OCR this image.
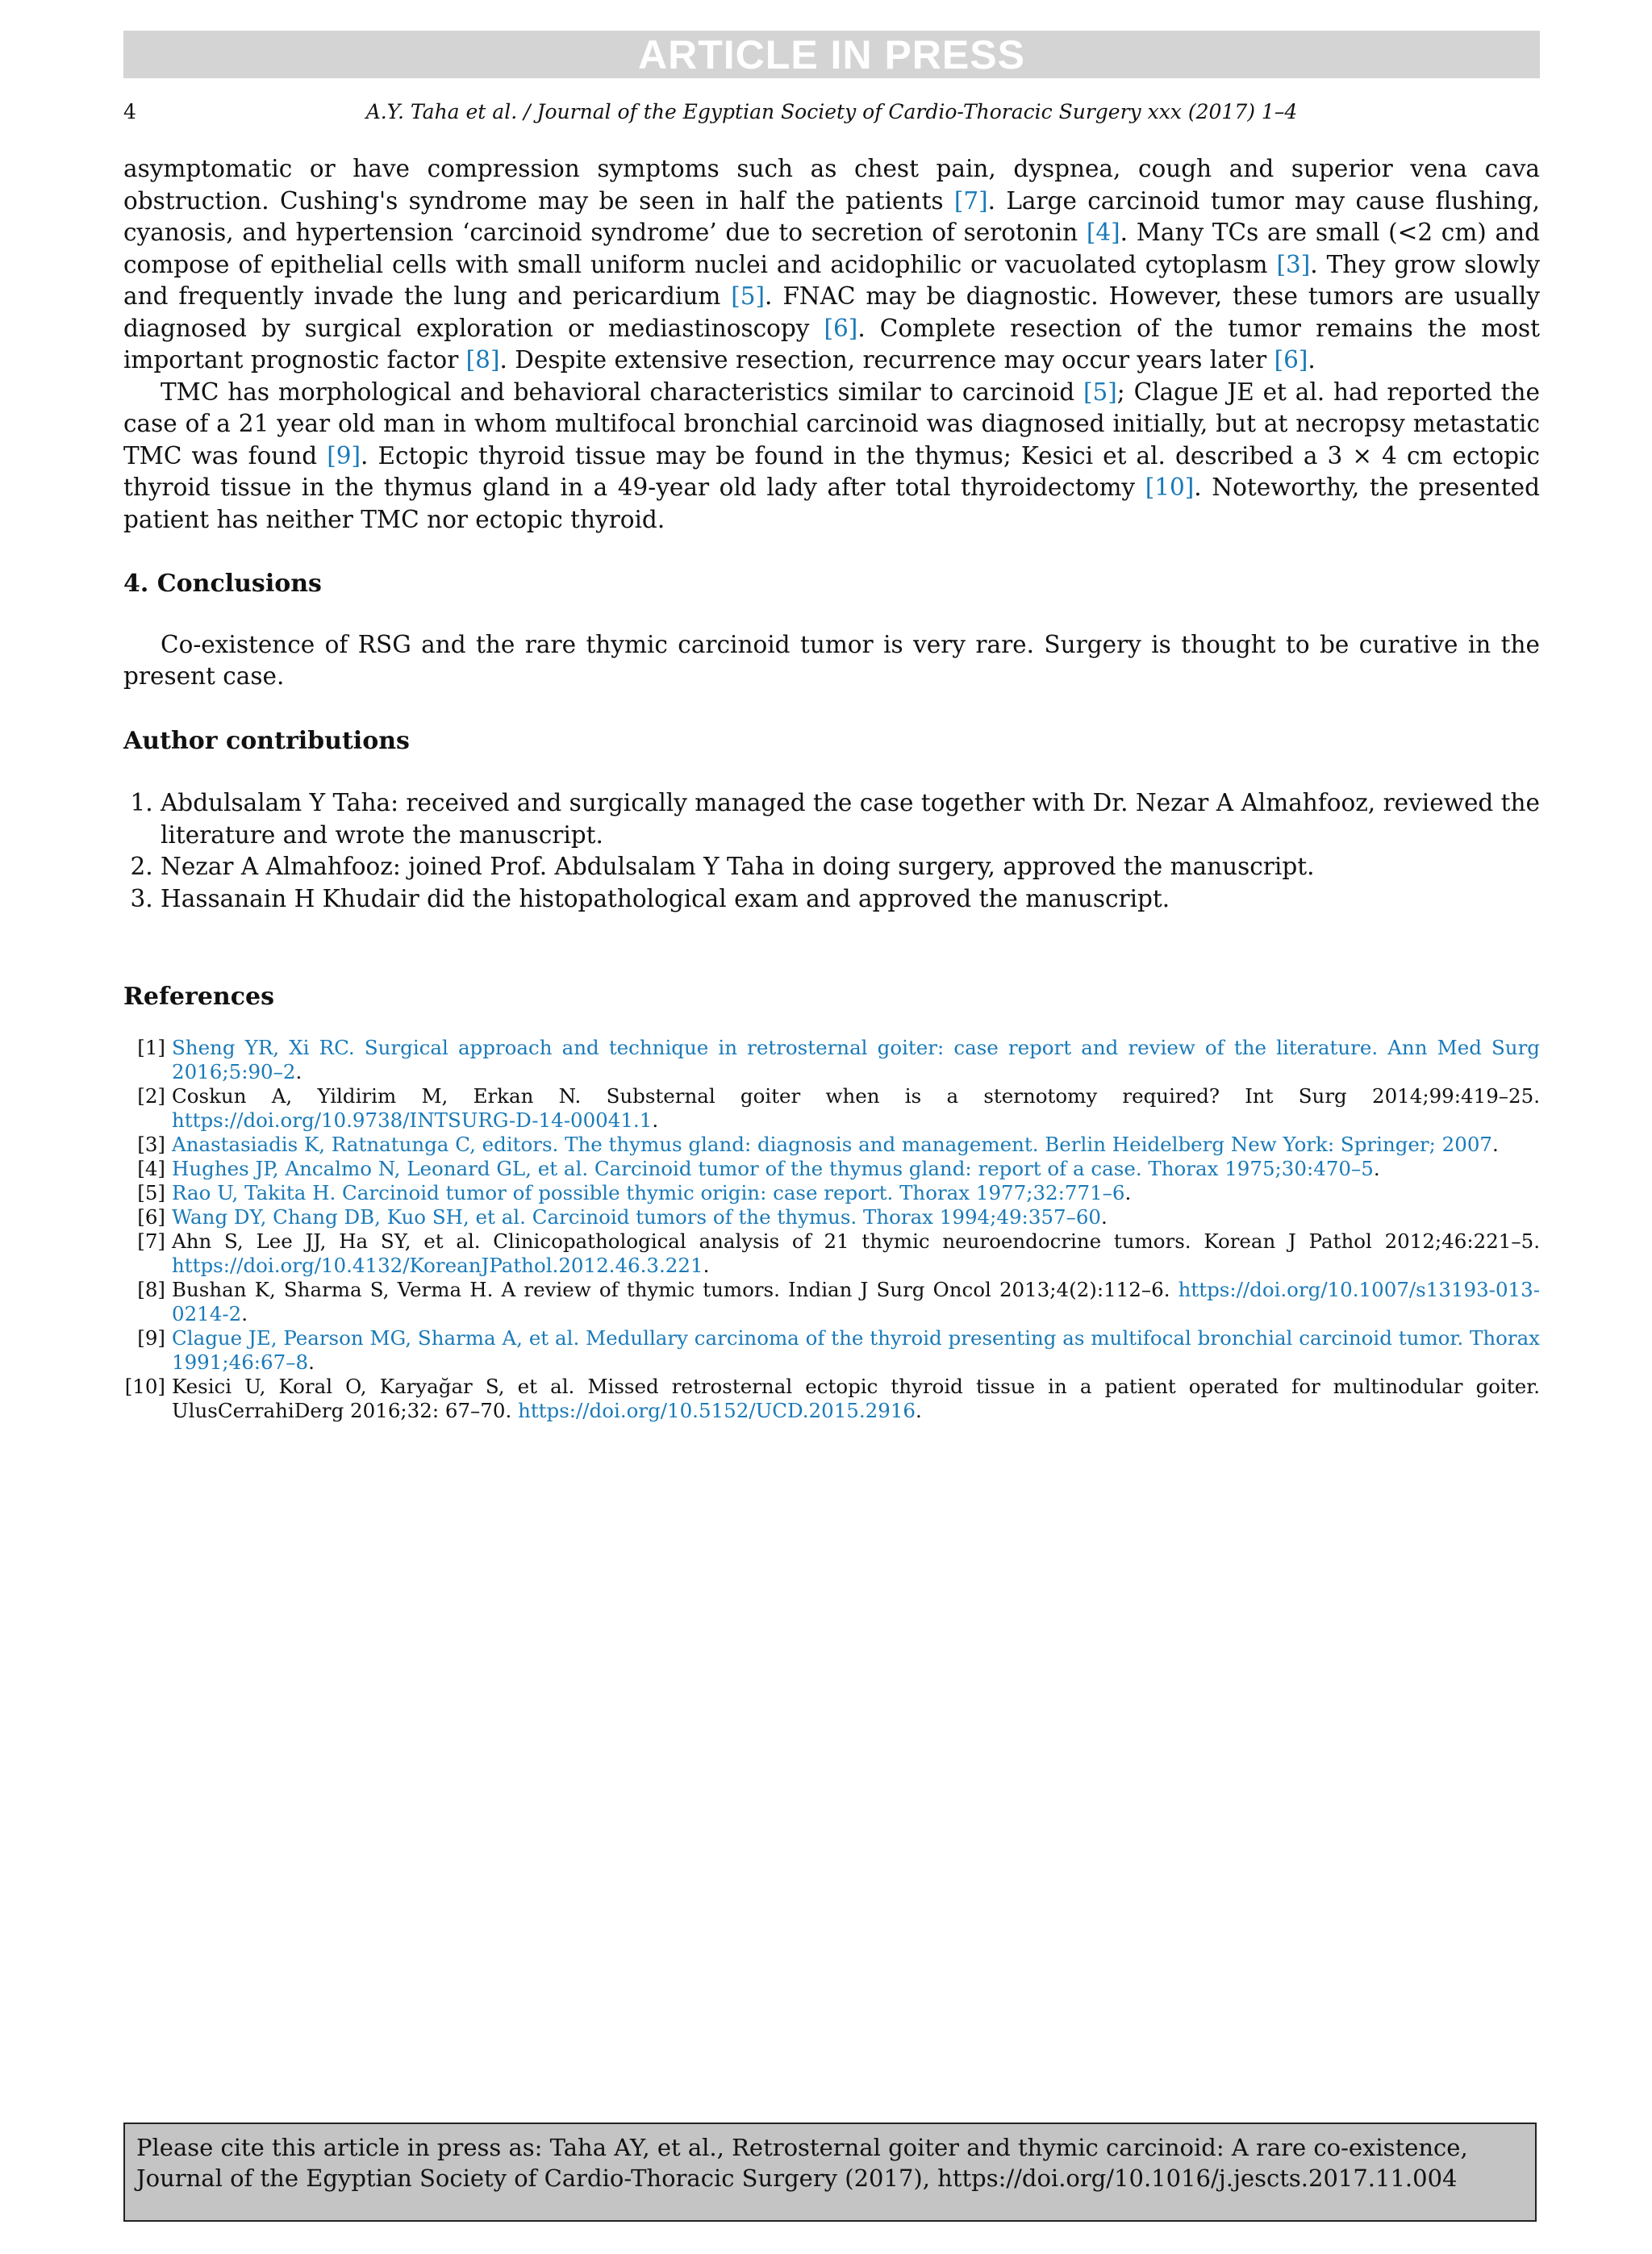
ARTICLE IN PRESS
4	A.Y. Taha et al. / Journal of the Egyptian Society of Cardio-Thoracic Surgery xxx (2017) 1–4

asymptomatic or have compression symptoms such as chest pain, dyspnea, cough and superior vena cava obstruction. Cushing's syndrome may be seen in half the patients [7]. Large carcinoid tumor may cause flushing, cyanosis, and hypertension ‘carcinoid syndrome’ due to secretion of serotonin [4]. Many TCs are small (<2 cm) and compose of epithelial cells with small uniform nuclei and acidophilic or vacuolated cytoplasm [3]. They grow slowly and frequently invade the lung and pericardium [5]. FNAC may be diagnostic. However, these tumors are usually diagnosed by surgical exploration or mediastinoscopy [6]. Complete resection of the tumor remains the most important prognostic factor [8]. Despite extensive resection, recurrence may occur years later [6].

TMC has morphological and behavioral characteristics similar to carcinoid [5]; Clague JE et al. had reported the case of a 21 year old man in whom multifocal bronchial carcinoid was diagnosed initially, but at necropsy metastatic TMC was found [9]. Ectopic thyroid tissue may be found in the thymus; Kesici et al. described a 3 × 4 cm ectopic thyroid tissue in the thymus gland in a 49-year old lady after total thyroidectomy [10]. Noteworthy, the presented patient has neither TMC nor ectopic thyroid.

4. Conclusions

Co-existence of RSG and the rare thymic carcinoid tumor is very rare. Surgery is thought to be curative in the present case.

Author contributions
1. Abdulsalam Y Taha: received and surgically managed the case together with Dr. Nezar A Almahfooz, reviewed the literature and wrote the manuscript.
2. Nezar A Almahfooz: joined Prof. Abdulsalam Y Taha in doing surgery, approved the manuscript.
3. Hassanain H Khudair did the histopathological exam and approved the manuscript.
References
[1] Sheng YR, Xi RC. Surgical approach and technique in retrosternal goiter: case report and review of the literature. Ann Med Surg 2016;5:90–2.
[2] Coskun A, Yildirim M, Erkan N. Substernal goiter when is a sternotomy required? Int Surg 2014;99:419–25. https://doi.org/10.9738/INTSURG-D-14-00041.1.
[3] Anastasiadis K, Ratnatunga C, editors. The thymus gland: diagnosis and management. Berlin Heidelberg New York: Springer; 2007.
[4] Hughes JP, Ancalmo N, Leonard GL, et al. Carcinoid tumor of the thymus gland: report of a case. Thorax 1975;30:470–5.
[5] Rao U, Takita H. Carcinoid tumor of possible thymic origin: case report. Thorax 1977;32:771–6.
[6] Wang DY, Chang DB, Kuo SH, et al. Carcinoid tumors of the thymus. Thorax 1994;49:357–60.
[7] Ahn S, Lee JJ, Ha SY, et al. Clinicopathological analysis of 21 thymic neuroendocrine tumors. Korean J Pathol 2012;46:221–5. https://doi.org/10.4132/KoreanJPathol.2012.46.3.221.
[8] Bushan K, Sharma S, Verma H. A review of thymic tumors. Indian J Surg Oncol 2013;4(2):112–6. https://doi.org/10.1007/s13193-013-0214-2.
[9] Clague JE, Pearson MG, Sharma A, et al. Medullary carcinoma of the thyroid presenting as multifocal bronchial carcinoid tumor. Thorax 1991;46:67–8.
[10] Kesici U, Koral O, Karyağar S, et al. Missed retrosternal ectopic thyroid tissue in a patient operated for multinodular goiter. UlusCerrahiDerg 2016;32: 67–70. https://doi.org/10.5152/UCD.2015.2916.
Please cite this article in press as: Taha AY, et al., Retrosternal goiter and thymic carcinoid: A rare co-existence, Journal of the Egyptian Society of Cardio-Thoracic Surgery (2017), https://doi.org/10.1016/j.jescts.2017.11.004
